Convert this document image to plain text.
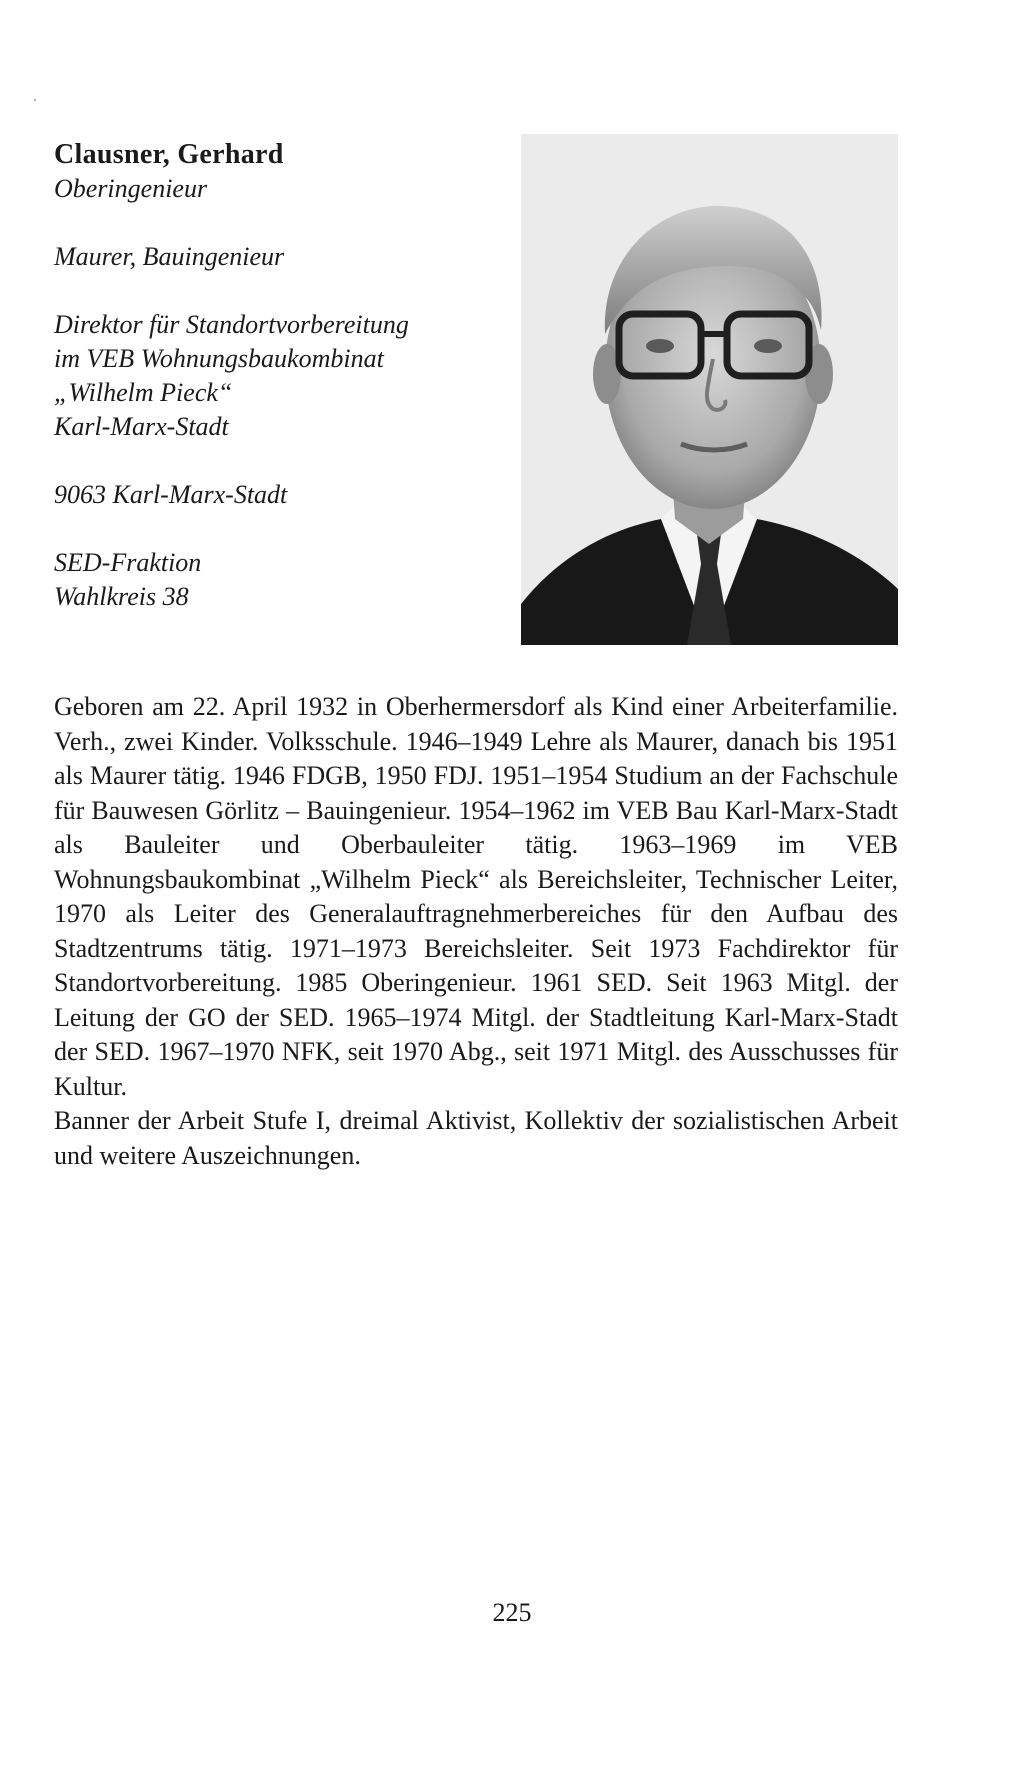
Clausner, Gerhard

Oberingenieur

Maurer, Bauingenieur

Direktor für Standortvorbereitung

im VEB Wohnungsbaukombinat

„Wilhelm Pieck“

Karl-Marx-Stadt

9063 Karl-Marx-Stadt

SED-Fraktion

Wahlkreis 38

Geboren am 22. April 1932 in Oberhermersdorf als Kind einer Arbeiterfamilie. Verh., zwei Kinder. Volksschule. 1946–1949 Lehre als Maurer, danach bis 1951 als Maurer tätig. 1946 FDGB, 1950 FDJ. 1951–1954 Studium an der Fachschule für Bauwesen Görlitz – Bauingenieur. 1954–1962 im VEB Bau Karl-Marx-Stadt als Bauleiter und Oberbauleiter tätig. 1963–1969 im VEB Wohnungsbaukombinat „Wilhelm Pieck“ als Bereichsleiter, Technischer Leiter, 1970 als Leiter des Generalauftragnehmerbereiches für den Aufbau des Stadtzentrums tätig. 1971–1973 Bereichsleiter. Seit 1973 Fachdirektor für Standortvorbereitung. 1985 Oberingenieur. 1961 SED. Seit 1963 Mitgl. der Leitung der GO der SED. 1965–1974 Mitgl. der Stadtleitung Karl-Marx-Stadt der SED. 1967–1970 NFK, seit 1970 Abg., seit 1971 Mitgl. des Ausschusses für Kultur.

Banner der Arbeit Stufe I, dreimal Aktivist, Kollektiv der sozialistischen Arbeit und weitere Auszeichnungen.

225
